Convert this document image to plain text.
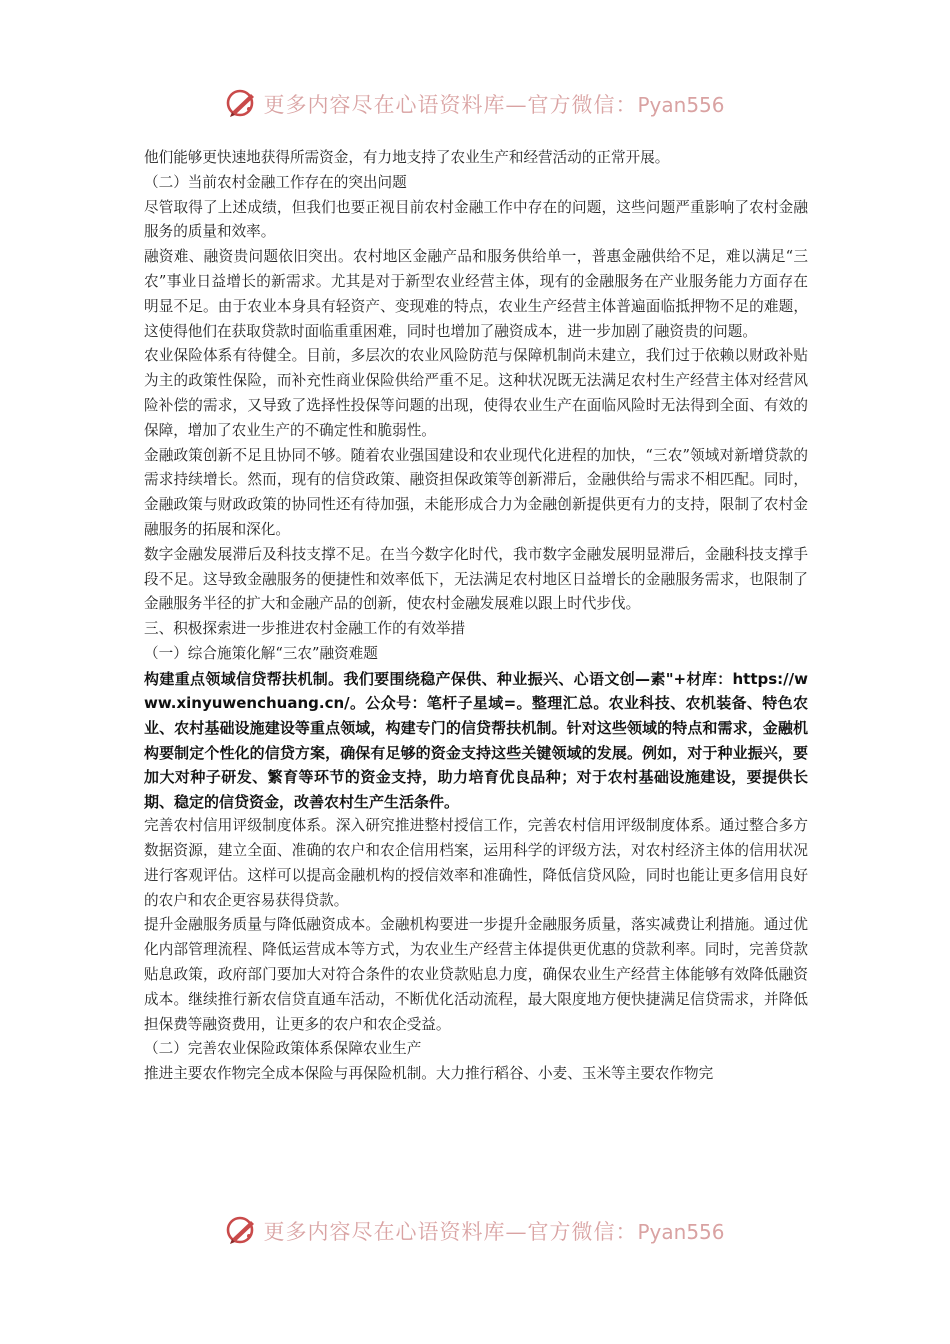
更多内容尽在心语资料库—官方微信：Pyan556

他们能够更快速地获得所需资金，有力地支持了农业生产和经营活动的正常开展。

（二）当前农村金融工作存在的突出问题

尽管取得了上述成绩，但我们也要正视目前农村金融工作中存在的问题，这些问题严重影响了农村金融服务的质量和效率。

融资难、融资贵问题依旧突出。农村地区金融产品和服务供给单一，普惠金融供给不足，难以满足“三农”事业日益增长的新需求。尤其是对于新型农业经营主体，现有的金融服务在产业服务能力方面存在明显不足。由于农业本身具有轻资产、变现难的特点，农业生产经营主体普遍面临抵押物不足的难题，这使得他们在获取贷款时面临重重困难，同时也增加了融资成本，进一步加剧了融资贵的问题。

农业保险体系有待健全。目前，多层次的农业风险防范与保障机制尚未建立，我们过于依赖以财政补贴为主的政策性保险，而补充性商业保险供给严重不足。这种状况既无法满足农村生产经营主体对经营风险补偿的需求，又导致了选择性投保等问题的出现，使得农业生产在面临风险时无法得到全面、有效的保障，增加了农业生产的不确定性和脆弱性。

金融政策创新不足且协同不够。随着农业强国建设和农业现代化进程的加快，“三农”领域对新增贷款的需求持续增长。然而，现有的信贷政策、融资担保政策等创新滞后，金融供给与需求不相匹配。同时，金融政策与财政政策的协同性还有待加强，未能形成合力为金融创新提供更有力的支持，限制了农村金融服务的拓展和深化。

数字金融发展滞后及科技支撑不足。在当今数字化时代，我市数字金融发展明显滞后，金融科技支撑手段不足。这导致金融服务的便捷性和效率低下，无法满足农村地区日益增长的金融服务需求，也限制了金融服务半径的扩大和金融产品的创新，使农村金融发展难以跟上时代步伐。

三、积极探索进一步推进农村金融工作的有效举措

（一）综合施策化解“三农”融资难题

构建重点领域信贷帮扶机制。我们要围绕稳产保供、种业振兴、心语文创—素"+材库：https://www.xinyuwenchuang.cn/。公众号：笔杆子星域=。整理汇总。农业科技、农机装备、特色农业、农村基础设施建设等重点领域，构建专门的信贷帮扶机制。针对这些领域的特点和需求，金融机构要制定个性化的信贷方案，确保有足够的资金支持这些关键领域的发展。例如，对于种业振兴，要加大对种子研发、繁育等环节的资金支持，助力培育优良品种；对于农村基础设施建设，要提供长期、稳定的信贷资金，改善农村生产生活条件。

完善农村信用评级制度体系。深入研究推进整村授信工作，完善农村信用评级制度体系。通过整合多方数据资源，建立全面、准确的农户和农企信用档案，运用科学的评级方法，对农村经济主体的信用状况进行客观评估。这样可以提高金融机构的授信效率和准确性，降低信贷风险，同时也能让更多信用良好的农户和农企更容易获得贷款。

提升金融服务质量与降低融资成本。金融机构要进一步提升金融服务质量，落实减费让利措施。通过优化内部管理流程、降低运营成本等方式，为农业生产经营主体提供更优惠的贷款利率。同时，完善贷款贴息政策，政府部门要加大对符合条件的农业贷款贴息力度，确保农业生产经营主体能够有效降低融资成本。继续推行新农信贷直通车活动，不断优化活动流程，最大限度地方便快捷满足信贷需求，并降低担保费等融资费用，让更多的农户和农企受益。

（二）完善农业保险政策体系保障农业生产

推进主要农作物完全成本保险与再保险机制。大力推行稻谷、小麦、玉米等主要农作物完

更多内容尽在心语资料库—官方微信：Pyan556
